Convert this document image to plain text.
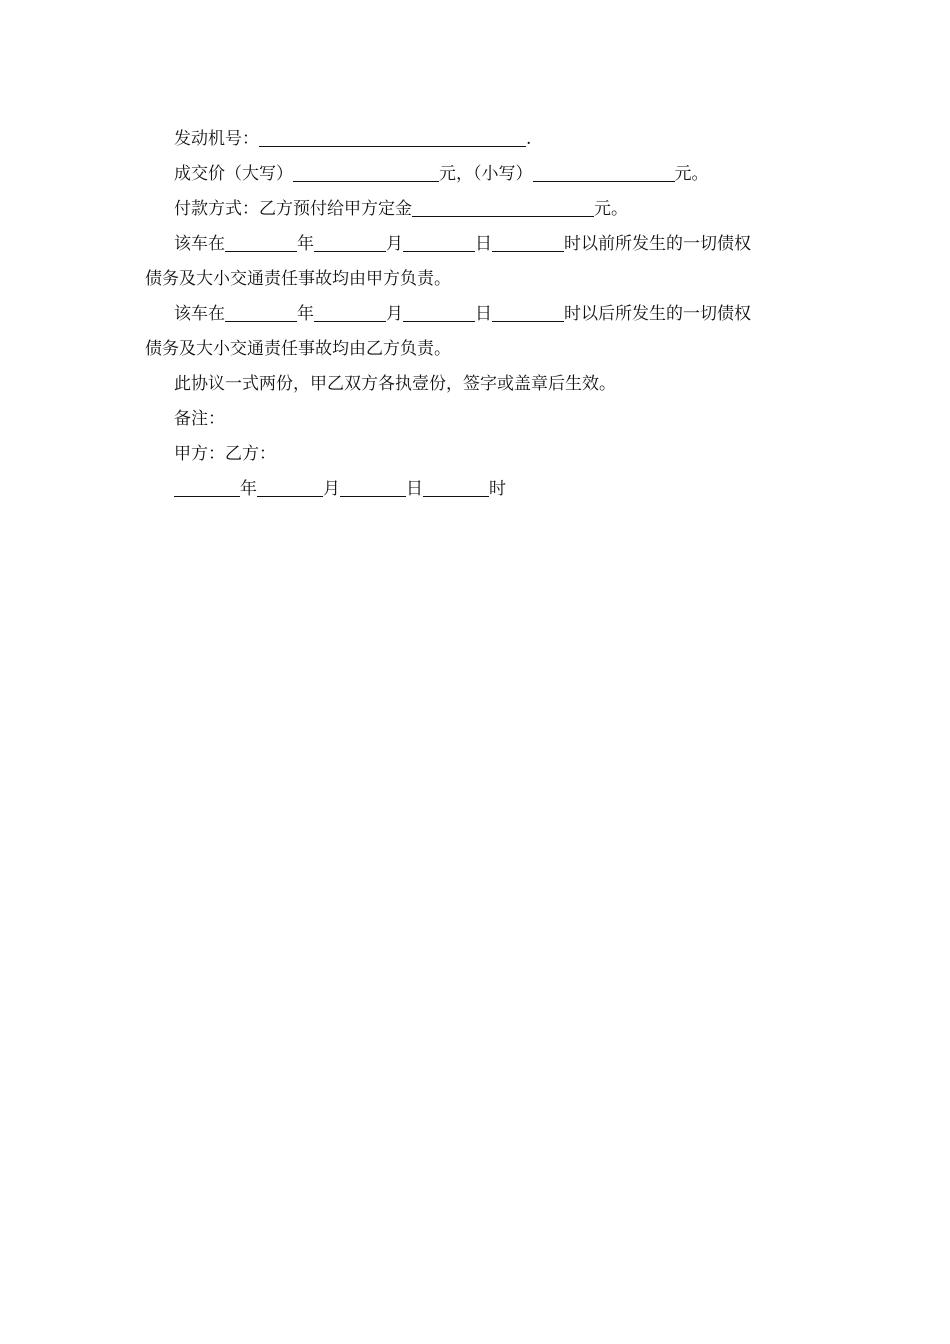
发动机号：	.
成交价（大写）	元，（小写）	元。
付款方式：乙方预付给甲方定金	元。
该车在	年	月	日	时以前所发生的一切债权
债务及大小交通责任事故均由甲方负责。
该车在	年	月	日	时以后所发生的一切债权
债务及大小交通责任事故均由乙方负责。
此协议一式两份，甲乙双方各执壹份，签字或盖章后生效。
备注：
甲方：乙方：
年	月	日	时
